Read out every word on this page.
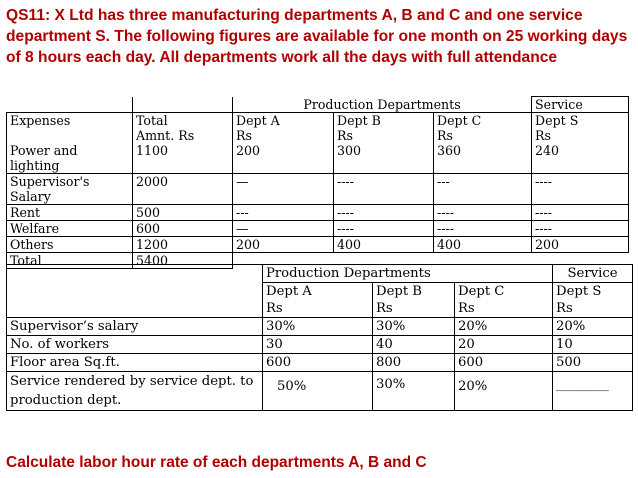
QS11: X Ltd has three manufacturing departments A, B and C and one service department S. The following figures are available for one month on 25 working days of 8 hours each day. All departments work all the days with full attendance
		Production Departments			Service
Expenses	Total	Dept A	Dept B	Dept C	Dept S
	Amnt. Rs	Rs	Rs	Rs	Rs
Power and lighting	1100	200	300	360	240
Supervisor's Salary	2000	—	----	---	----
Rent	500	---	----	----	----
Welfare	600	—	----	----	----
Others	1200	200	400	400	200
Total	5400				
	Production Departments			Service
	Dept A	Dept B	Dept C	Dept S
	Rs	Rs	Rs	Rs
Supervisor’s salary	30%	30%	20%	20%
No. of workers	30	40	20	10
Floor area Sq.ft.	600	800	600	500
Service rendered by service dept. to production dept.	50%	30%	20%	________
Calculate labor hour rate of each departments A, B and C
